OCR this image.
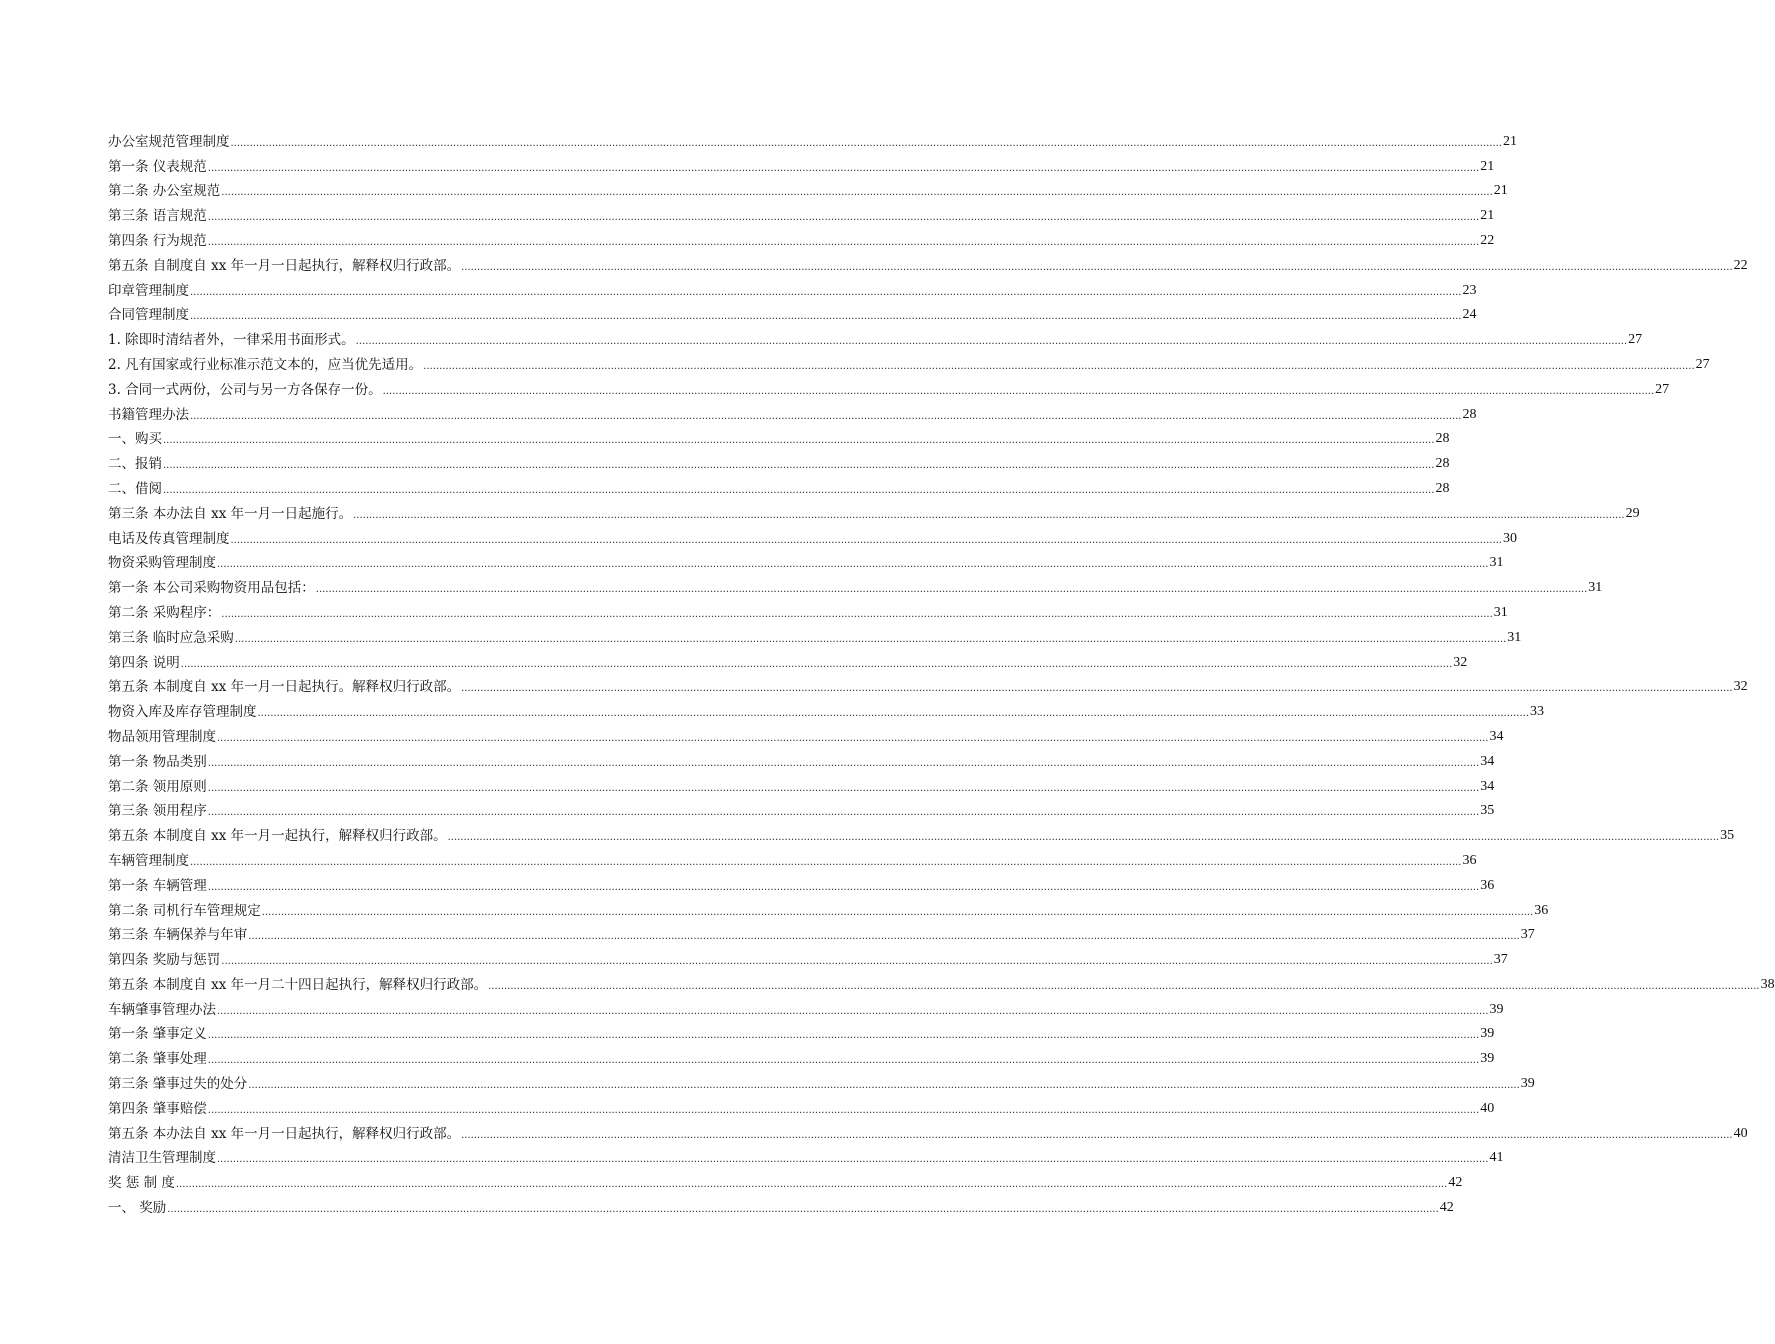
办公室规范管理制度 ................................................................................................................................................................................................................................................................................................................................................................................................................ 21
第一条 仪表规范 ................................................................................................................................................................................................................................................................................................................................................................................................................ 21
第二条 办公室规范 ................................................................................................................................................................................................................................................................................................................................................................................................................ 21
第三条 语言规范 ................................................................................................................................................................................................................................................................................................................................................................................................................ 21
第四条 行为规范 ................................................................................................................................................................................................................................................................................................................................................................................................................ 22
第五条 自制度自 xx 年一月一日起执行，解释权归行政部。 ................................................................................................................................................................................................................................................................................................................................................................................................................ 22
印章管理制度 ................................................................................................................................................................................................................................................................................................................................................................................................................ 23
合同管理制度 ................................................................................................................................................................................................................................................................................................................................................................................................................ 24
1. 除即时清结者外，一律采用书面形式。 ................................................................................................................................................................................................................................................................................................................................................................................................................ 27
2. 凡有国家或行业标准示范文本的，应当优先适用。 ................................................................................................................................................................................................................................................................................................................................................................................................................ 27
3. 合同一式两份，公司与另一方各保存一份。 ................................................................................................................................................................................................................................................................................................................................................................................................................ 27
书籍管理办法 ................................................................................................................................................................................................................................................................................................................................................................................................................ 28
一、购买 ................................................................................................................................................................................................................................................................................................................................................................................................................ 28
二、报销 ................................................................................................................................................................................................................................................................................................................................................................................................................ 28
二、借阅 ................................................................................................................................................................................................................................................................................................................................................................................................................ 28
第三条 本办法自 xx 年一月一日起施行。 ................................................................................................................................................................................................................................................................................................................................................................................................................ 29
电话及传真管理制度 ................................................................................................................................................................................................................................................................................................................................................................................................................ 30
物资采购管理制度 ................................................................................................................................................................................................................................................................................................................................................................................................................ 31
第一条 本公司采购物资用品包括： ................................................................................................................................................................................................................................................................................................................................................................................................................ 31
第二条 采购程序： ................................................................................................................................................................................................................................................................................................................................................................................................................ 31
第三条 临时应急采购 ................................................................................................................................................................................................................................................................................................................................................................................................................ 31
第四条 说明 ................................................................................................................................................................................................................................................................................................................................................................................................................ 32
第五条 本制度自 xx 年一月一日起执行。解释权归行政部。 ................................................................................................................................................................................................................................................................................................................................................................................................................ 32
物资入库及库存管理制度 ................................................................................................................................................................................................................................................................................................................................................................................................................ 33
物品领用管理制度 ................................................................................................................................................................................................................................................................................................................................................................................................................ 34
第一条 物品类别 ................................................................................................................................................................................................................................................................................................................................................................................................................ 34
第二条 领用原则 ................................................................................................................................................................................................................................................................................................................................................................................................................ 34
第三条 领用程序 ................................................................................................................................................................................................................................................................................................................................................................................................................ 35
第五条 本制度自 xx 年一月一起执行，解释权归行政部。 ................................................................................................................................................................................................................................................................................................................................................................................................................ 35
车辆管理制度 ................................................................................................................................................................................................................................................................................................................................................................................................................ 36
第一条 车辆管理 ................................................................................................................................................................................................................................................................................................................................................................................................................ 36
第二条 司机行车管理规定 ................................................................................................................................................................................................................................................................................................................................................................................................................ 36
第三条 车辆保养与年审 ................................................................................................................................................................................................................................................................................................................................................................................................................ 37
第四条 奖励与惩罚 ................................................................................................................................................................................................................................................................................................................................................................................................................ 37
第五条 本制度自 xx 年一月二十四日起执行，解释权归行政部。 ................................................................................................................................................................................................................................................................................................................................................................................................................ 38
车辆肇事管理办法 ................................................................................................................................................................................................................................................................................................................................................................................................................ 39
第一条 肇事定义 ................................................................................................................................................................................................................................................................................................................................................................................................................ 39
第二条 肇事处理 ................................................................................................................................................................................................................................................................................................................................................................................................................ 39
第三条 肇事过失的处分 ................................................................................................................................................................................................................................................................................................................................................................................................................ 39
第四条 肇事赔偿 ................................................................................................................................................................................................................................................................................................................................................................................................................ 40
第五条 本办法自 xx 年一月一日起执行，解释权归行政部。 ................................................................................................................................................................................................................................................................................................................................................................................................................ 40
清洁卫生管理制度 ................................................................................................................................................................................................................................................................................................................................................................................................................ 41
奖 惩 制 度 ................................................................................................................................................................................................................................................................................................................................................................................................................ 42
一、 奖励 ................................................................................................................................................................................................................................................................................................................................................................................................................ 42
